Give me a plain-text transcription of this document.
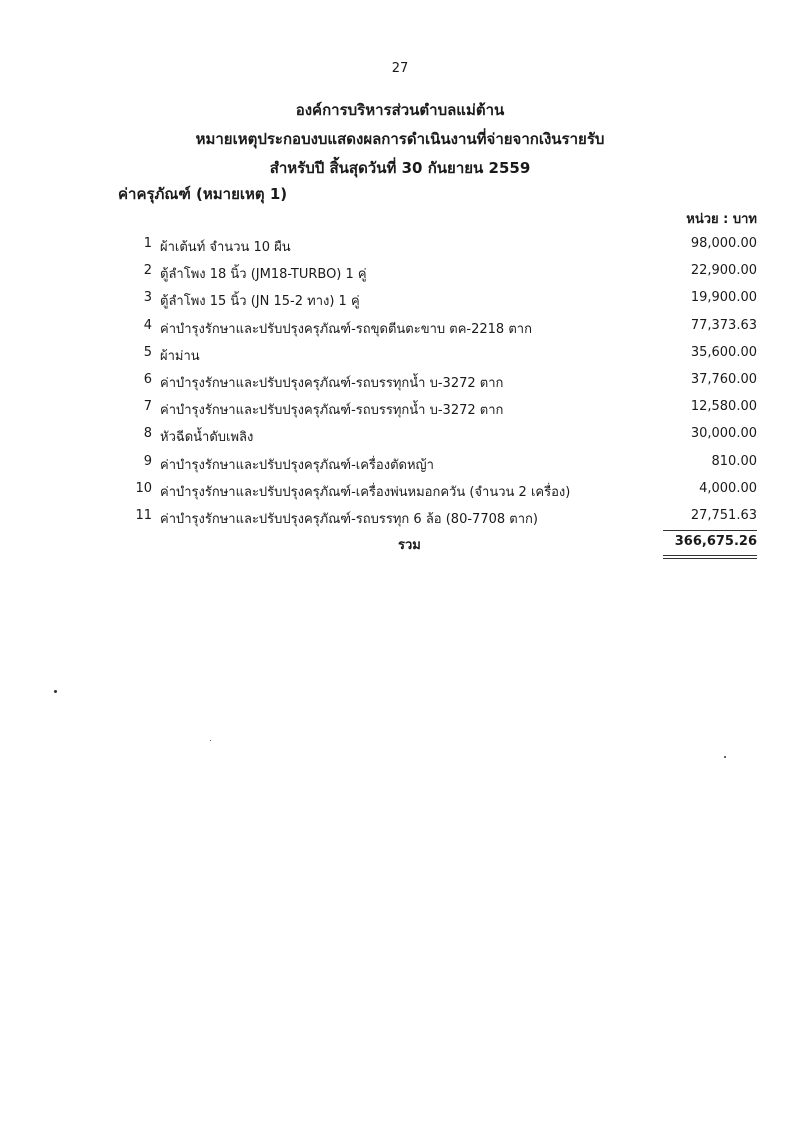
27
องค์การบริหารส่วนตำบลแม่ต้าน
หมายเหตุประกอบงบแสดงผลการดำเนินงานที่จ่ายจากเงินรายรับ
สำหรับปี สิ้นสุดวันที่ 30 กันยายน 2559
ค่าครุภัณฑ์ (หมายเหตุ 1)
หน่วย : บาท
1 ผ้าเต้นท์ จำนวน 10 ผืน	98,000.00
2 ตู้ลำโพง 18 นิ้ว (JM18-TURBO) 1 คู่	22,900.00
3 ตู้ลำโพง 15 นิ้ว (JN 15-2 ทาง) 1 คู่	19,900.00
4 ค่าบำรุงรักษาและปรับปรุงครุภัณฑ์-รถขุดตีนตะขาบ ตค-2218 ตาก	77,373.63
5 ผ้าม่าน	35,600.00
6 ค่าบำรุงรักษาและปรับปรุงครุภัณฑ์-รถบรรทุกน้ำ บ-3272 ตาก	37,760.00
7 ค่าบำรุงรักษาและปรับปรุงครุภัณฑ์-รถบรรทุกน้ำ บ-3272 ตาก	12,580.00
8 หัวฉีดน้ำดับเพลิง	30,000.00
9 ค่าบำรุงรักษาและปรับปรุงครุภัณฑ์-เครื่องตัดหญ้า	810.00
10 ค่าบำรุงรักษาและปรับปรุงครุภัณฑ์-เครื่องพ่นหมอกควัน (จำนวน 2 เครื่อง)	4,000.00
11 ค่าบำรุงรักษาและปรับปรุงครุภัณฑ์-รถบรรทุก 6 ล้อ (80-7708 ตาก)	27,751.63
รวม	366,675.26
